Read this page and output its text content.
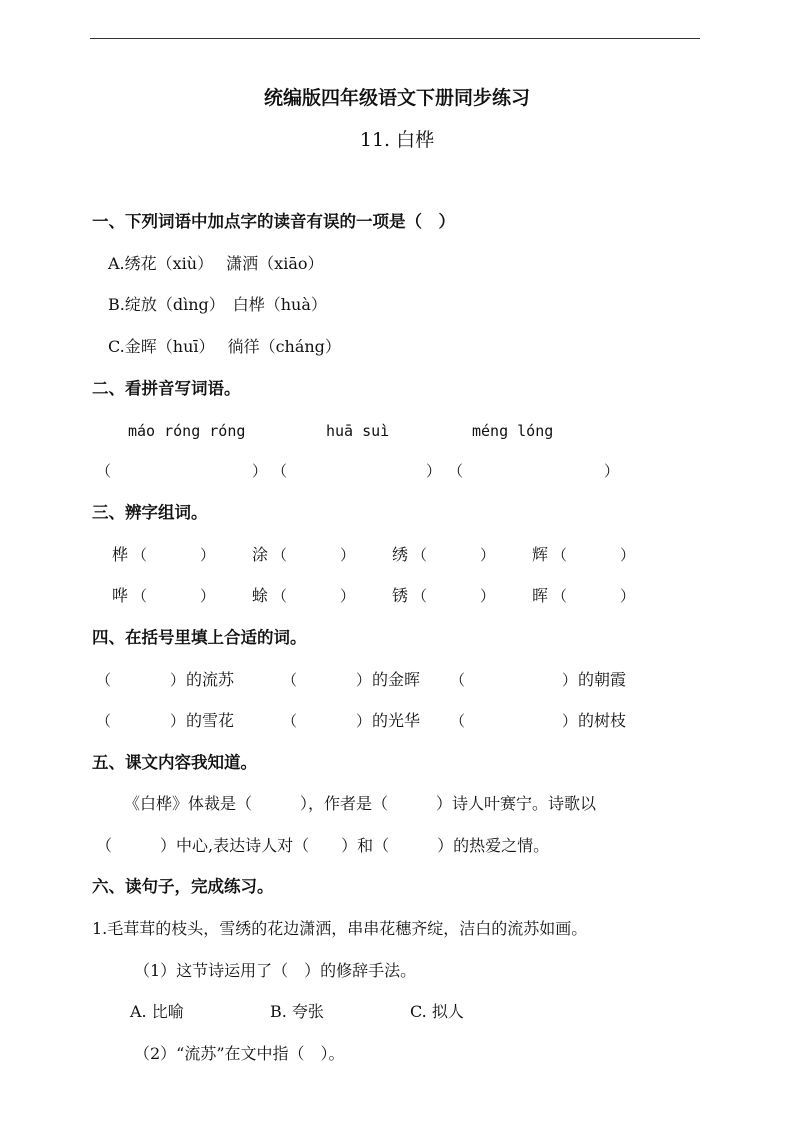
统编版四年级语文下册同步练习
11. 白桦
一、下列词语中加点字的读音有误的一项是（　）
A.绣花（xiù）　 潇洒（xiāo）
B.绽放（dìng）　白桦（huà）
C.金晖（huī）　 徜徉（cháng）
二、看拼音写词语。
máo róng róng	huā suì	méng lóng
（	） （	） （	）
三、辨字组词。
桦 （	） 涂 （	） 绣 （	） 辉 （	）
哗 （	） 蜍 （	） 锈 （	） 晖 （	）
四、在括号里填上合适的词。
（	） 的流苏	（	） 的金晖 （	） 的朝霞
（	） 的雪花	（	） 的光华 （	） 的树枝
五、课文内容我知道。
《白桦》体裁是（　　　），作者是（　　　）诗人叶赛宁。诗歌以
（　　　）中心,表达诗人对（　　）和（　　　）的热爱之情。
六、读句子，完成练习。
1.毛茸茸的枝头，雪绣的花边潇洒，串串花穗齐绽，洁白的流苏如画。
（1）这节诗运用了（　）的修辞手法。
A. 比喻	B. 夸张	C. 拟人
（2）“流苏”在文中指（　）。
